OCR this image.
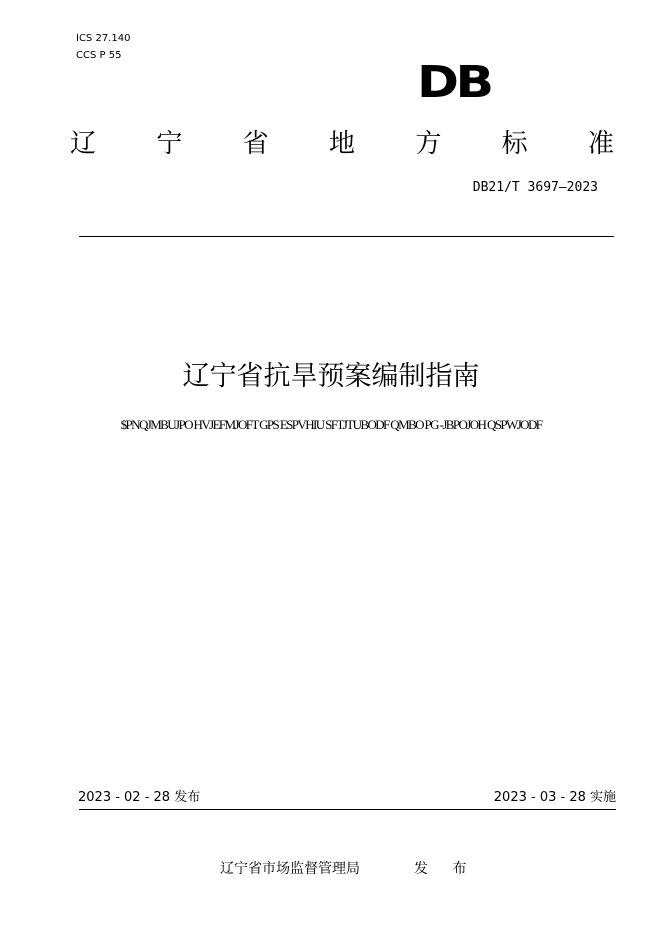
ICS 27.140
CCS P 55
DB
辽 宁 省 地 方 标 准
DB21/T 3697—2023
辽宁省抗旱预案编制指南
$PNQJMBUJPO HVJEFMJOFT GPS ESPVHIU SFTJTUBODF QMBO PG -JBPOJOH QSPWJODF
2023 - 02 - 28 发布	2023 - 03 - 28 实施
辽宁省市场监督管理局	发 布
